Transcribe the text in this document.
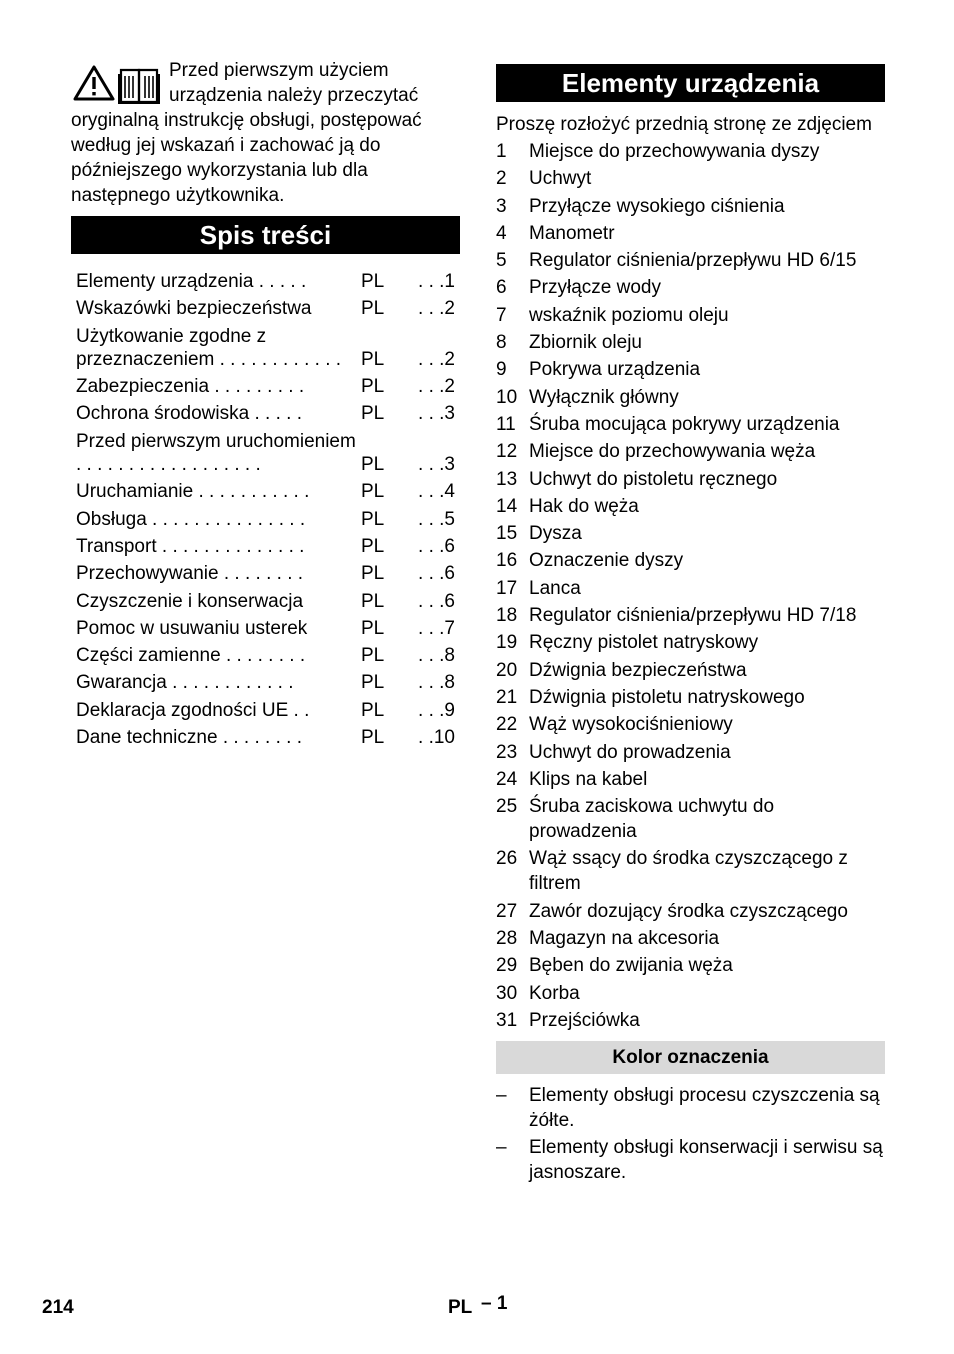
Przed pierwszym użyciem urządzenia należy przeczytać oryginalną instrukcję obsługi, postępować według jej wskazań i zachować ją do późniejszego wykorzystania lub dla następnego użytkownika.

Spis treści
Elementy urządzenia . . . . .	PL	. . .1
Wskazówki bezpieczeństwa	PL	. . .2
Użytkowanie zgodne z przeznaczeniem . . . . . . . . . . . .	PL	. . .2
Zabezpieczenia . . . . . . . . .	PL	. . .2
Ochrona środowiska . . . . .	PL	. . .3
Przed pierwszym uruchomieniem . . . . . . . . . . . . . . . . . .	PL	. . .3
Uruchamianie . . . . . . . . . . .	PL	. . .4
Obsługa . . . . . . . . . . . . . . .	PL	. . .5
Transport . . . . . . . . . . . . . .	PL	. . .6
Przechowywanie . . . . . . . .	PL	. . .6
Czyszczenie i konserwacja	PL	. . .6
Pomoc w usuwaniu usterek	PL	. . .7
Części zamienne . . . . . . . .	PL	. . .8
Gwarancja . . . . . . . . . . . .	PL	. . .8
Deklaracja zgodności UE . .	PL	. . .9
Dane techniczne . . . . . . . .	PL	. .10
Elementy urządzenia

Proszę rozłożyć przednią stronę ze zdjęciem

1	Miejsce do przechowywania dyszy
2	Uchwyt
3	Przyłącze wysokiego ciśnienia
4	Manometr
5	Regulator ciśnienia/przepływu HD 6/15
6	Przyłącze wody
7	wskaźnik poziomu oleju
8	Zbiornik oleju
9	Pokrywa urządzenia
10 Wyłącznik główny
11 Śruba mocująca pokrywy urządzenia
12 Miejsce do przechowywania węża
13 Uchwyt do pistoletu ręcznego
14 Hak do węża
15 Dysza
16 Oznaczenie dyszy
17 Lanca
18 Regulator ciśnienia/przepływu HD 7/18
19 Ręczny pistolet natryskowy
20 Dźwignia bezpieczeństwa
21 Dźwignia pistoletu natryskowego
22 Wąż wysokociśnieniowy
23 Uchwyt do prowadzenia
24 Klips na kabel
25 Śruba zaciskowa uchwytu do prowadzenia
26 Wąż ssący do środka czyszczącego z filtrem
27 Zawór dozujący środka czyszczącego
28 Magazyn na akcesoria
29 Bęben do zwijania węża
30 Korba
31 Przejściówka
Kolor oznaczenia
–	Elementy obsługi procesu czyszczenia są żółte.
–	Elementy obsługi konserwacji i serwisu są jasnoszare.
214	PL – 1
